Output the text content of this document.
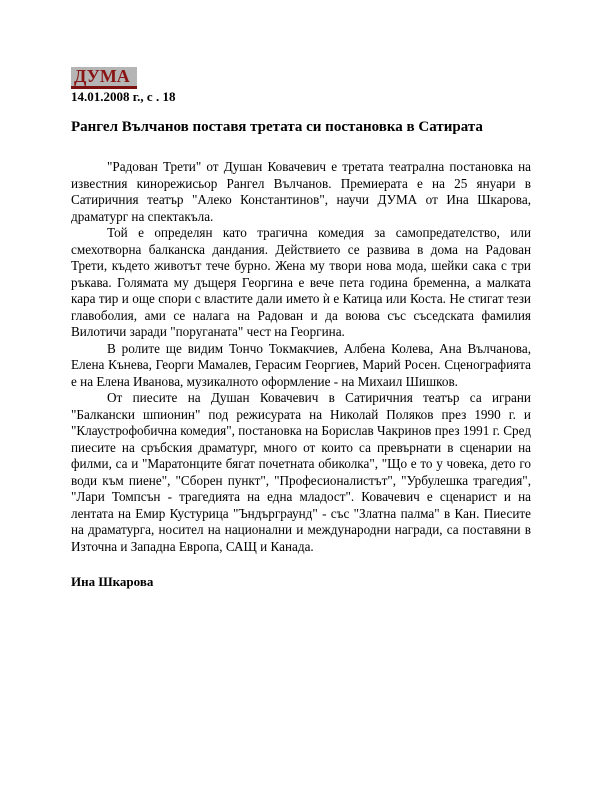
ДУМА
14.01.2008 г., с . 18
Рангел Вълчанов поставя третата си постановка в Сатирата

"Радован Трети" от Душан Ковачевич е третата театрална постановка на известния кинорежисьор Рангел Вълчанов. Премиерата е на 25 януари в Сатиричния театър "Алеко Константинов", научи ДУМА от Ина Шкарова, драматург на спектакъла.

Той е определян като трагична комедия за самопредателство, или смехотворна балканска дандания. Действието се развива в дома на Радован Трети, където животът тече бурно. Жена му твори нова мода, шейки сака с три ръкава. Голямата му дъщеря Георгина е вече пета година бременна, а малката кара тир и още спори с властите дали името ѝ е Катица или Коста. Не стигат тези главоболия, ами се налага на Радован и да воюва със съседската фамилия Вилотичи заради "поруганата" чест на Георгина.

В ролите ще видим Тончо Токмакчиев, Албена Колева, Ана Вълчанова, Елена Кънева, Георги Мамалев, Герасим Георгиев, Марий Росен. Сценографията е на Елена Иванова, музикалното оформление - на Михаил Шишков.

От пиесите на Душан Ковачевич в Сатиричния театър са играни "Балкански шпионин" под режисурата на Николай Поляков през 1990 г. и "Клаустрофобична комедия", постановка на Борислав Чакринов през 1991 г. Сред пиесите на сръбския драматург, много от които са превърнати в сценарии на филми, са и "Маратонците бягат почетната обиколка", "Що е то у човека, дето го води към пиене", "Сборен пункт", "Професионалистът", "Урбулешка трагедия", "Лари Томпсън - трагедията на една младост". Ковачевич е сценарист и на лентата на Емир Кустурица "Ъндърграунд" - със "Златна палма" в Кан. Пиесите на драматурга, носител на национални и международни награди, са поставяни в Източна и Западна Европа, САЩ и Канада.

Ина Шкарова
